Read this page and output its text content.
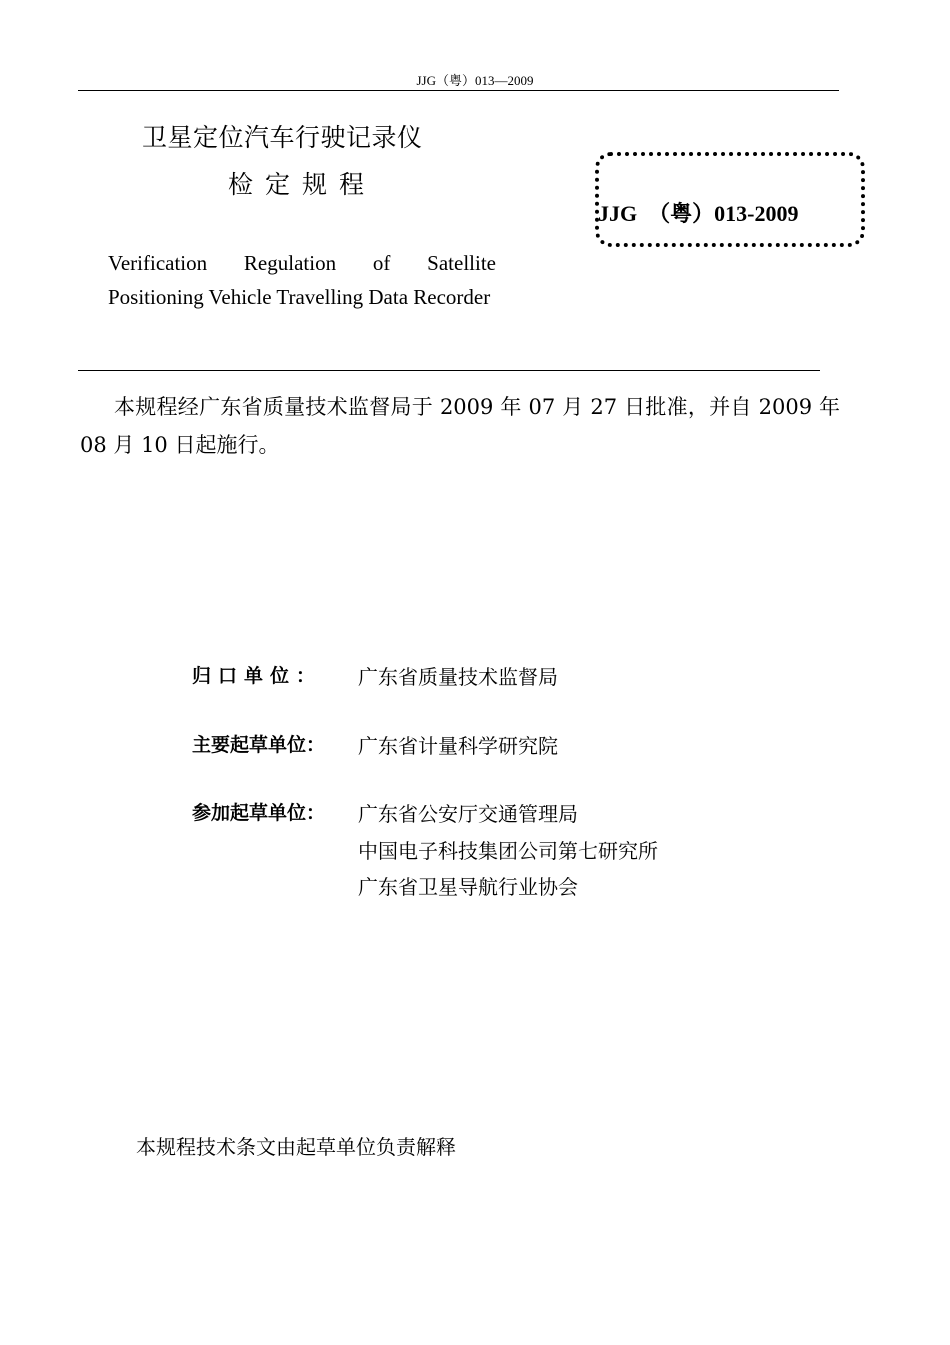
JJG（粤）013—2009
卫星定位汽车行驶记录仪
检定规程
JJG  （粤）013-2009
Verification Regulation of Satellite
Positioning Vehicle Travelling Data Recorder
本规程经广东省质量技术监督局于 2009 年 07 月 27 日批准，并自 2009 年 08 月 10 日起施行。
归口单位：	广东省质量技术监督局
主要起草单位：	广东省计量科学研究院
参加起草单位：	广东省公安厅交通管理局
中国电子科技集团公司第七研究所
广东省卫星导航行业协会
本规程技术条文由起草单位负责解释
